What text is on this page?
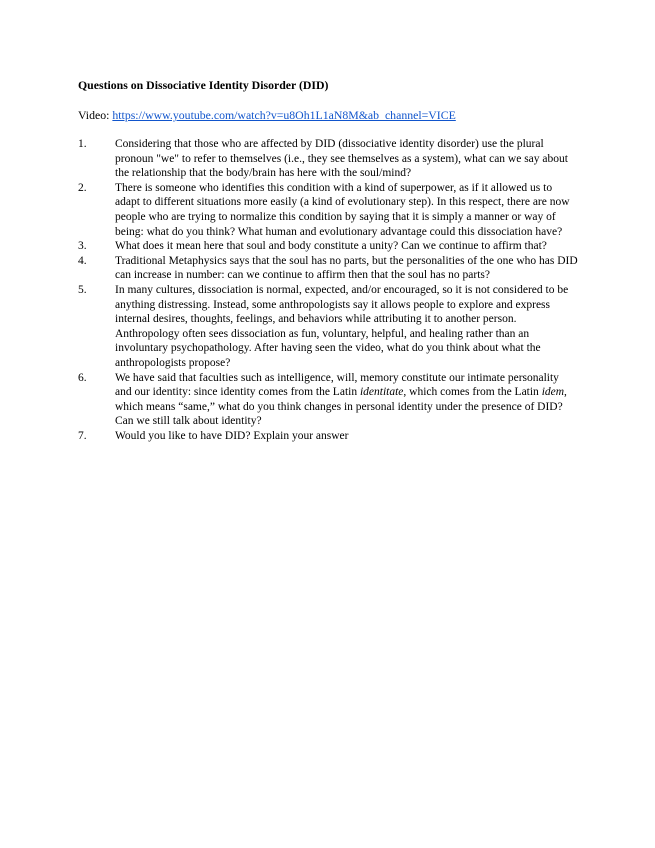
Questions on Dissociative Identity Disorder (DID)
Video: https://www.youtube.com/watch?v=u8Oh1L1aN8M&ab_channel=VICE
1.	Considering that those who are affected by DID (dissociative identity disorder) use the plural pronoun "we" to refer to themselves (i.e., they see themselves as a system), what can we say about the relationship that the body/brain has here with the soul/mind?
2.	There is someone who identifies this condition with a kind of superpower, as if it allowed us to adapt to different situations more easily (a kind of evolutionary step). In this respect, there are now people who are trying to normalize this condition by saying that it is simply a manner or way of being: what do you think? What human and evolutionary advantage could this dissociation have?
3.	What does it mean here that soul and body constitute a unity? Can we continue to affirm that?
4.	Traditional Metaphysics says that the soul has no parts, but the personalities of the one who has DID can increase in number: can we continue to affirm then that the soul has no parts?
5.	In many cultures, dissociation is normal, expected, and/or encouraged, so it is not considered to be anything distressing. Instead, some anthropologists say it allows people to explore and express internal desires, thoughts, feelings, and behaviors while attributing it to another person. Anthropology often sees dissociation as fun, voluntary, helpful, and healing rather than an involuntary psychopathology. After having seen the video, what do you think about what the anthropologists propose?
6.	We have said that faculties such as intelligence, will, memory constitute our intimate personality and our identity: since identity comes from the Latin identitate, which comes from the Latin idem, which means “same,” what do you think changes in personal identity under the presence of DID? Can we still talk about identity?
7.	Would you like to have DID? Explain your answer
